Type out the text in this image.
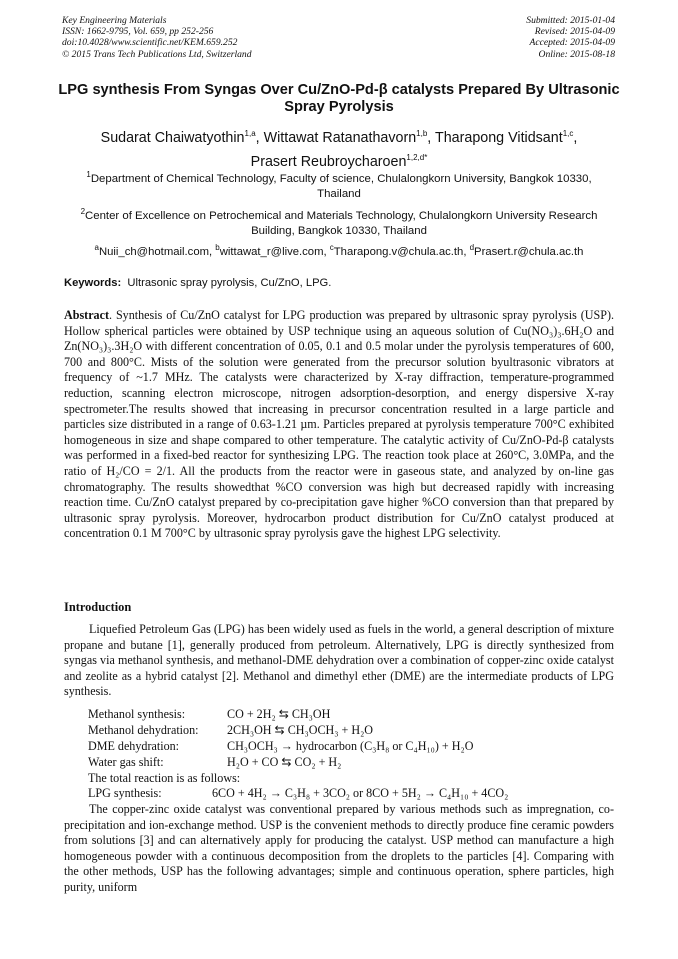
Key Engineering Materials
ISSN: 1662-9795, Vol. 659, pp 252-256
doi:10.4028/www.scientific.net/KEM.659.252
© 2015 Trans Tech Publications Ltd, Switzerland
Submitted: 2015-01-04
Revised: 2015-04-09
Accepted: 2015-04-09
Online: 2015-08-18
LPG synthesis From Syngas Over Cu/ZnO-Pd-β catalysts Prepared By Ultrasonic Spray Pyrolysis
Sudarat Chaiwatyothin$^{1,a}$, Wittawat Ratanathavorn$^{1,b}$, Tharapong Vitidsant$^{1,c}$,
Prasert Reubroycharoen$^{1,2,d*}$
$^1$Department of Chemical Technology, Faculty of science, Chulalongkorn University, Bangkok 10330, Thailand
$^2$Center of Excellence on Petrochemical and Materials Technology, Chulalongkorn University Research Building, Bangkok 10330, Thailand
$^a$Nuii_ch@hotmail.com, $^b$wittawat_r@live.com, $^c$Tharapong.v@chula.ac.th, $^d$Prasert.r@chula.ac.th
Keywords: Ultrasonic spray pyrolysis, Cu/ZnO, LPG.
Abstract. Synthesis of Cu/ZnO catalyst for LPG production was prepared by ultrasonic spray pyrolysis (USP). Hollow spherical particles were obtained by USP technique using an aqueous solution of Cu(NO₃)₃.6H₂O and Zn(NO₃)₃.3H₂O with different concentration of 0.05, 0.1 and 0.5 molar under the pyrolysis temperatures of 600, 700 and 800°C. Mists of the solution were generated from the precursor solution byultrasonic vibrators at frequency of ~1.7 MHz. The catalysts were characterized by X-ray diffraction, temperature-programmed reduction, scanning electron microscope, nitrogen adsorption-desorption, and energy dispersive X-ray spectrometer.The results showed that increasing in precursor concentration resulted in a large particle and particles size distributed in a range of 0.63-1.21 µm. Particles prepared at pyrolysis temperature 700°C exhibited homogeneous in size and shape compared to other temperature. The catalytic activity of Cu/ZnO-Pd-β catalysts was performed in a fixed-bed reactor for synthesizing LPG. The reaction took place at 260°C, 3.0MPa, and the ratio of H₂/CO = 2/1. All the products from the reactor were in gaseous state, and analyzed by on-line gas chromatography. The results showedthat %CO conversion was high but decreased rapidly with increasing reaction time. Cu/ZnO catalyst prepared by co-precipitation gave higher %CO conversion than that prepared by ultrasonic spray pyrolysis. Moreover, hydrocarbon product distribution for Cu/ZnO catalyst produced at concentration 0.1 M 700°C by ultrasonic spray pyrolysis gave the highest LPG selectivity.
Introduction

Liquefied Petroleum Gas (LPG) has been widely used as fuels in the world, a general description of mixture propane and butane [1], generally produced from petroleum. Alternatively, LPG is directly synthesized from syngas via methanol synthesis, and methanol-DME dehydration over a combination of copper-zinc oxide catalyst and zeolite as a hybrid catalyst [2]. Methanol and dimethyl ether (DME) are the intermediate products of LPG synthesis.

Methanol synthesis:	CO + 2H₂ ⇆ CH₃OH
Methanol dehydration: 2CH₃OH ⇆ CH₃OCH₃ + H₂O
DME dehydration:	CH₃OCH₃ → hydrocarbon (C₃H₈ or C₄H₁₀) + H₂O
Water gas shift:	H₂O + CO ⇆ CO₂ + H₂
The total reaction is as follows:
LPG synthesis:	6CO + 4H₂ → C₃H₈ + 3CO₂ or 8CO + 5H₂ → C₄H₁₀ + 4CO₂

The copper-zinc oxide catalyst was conventional prepared by various methods such as impregnation, co-precipitation and ion-exchange method. USP is the convenient methods to directly produce fine ceramic powders from solutions [3] and can alternatively apply for producing the catalyst. USP method can manufacture a high homogeneous powder with a continuous decomposition from the droplets to the particles [4]. Comparing with the other methods, USP has the following advantages; simple and continuous operation, sphere particles, high purity, uniform
